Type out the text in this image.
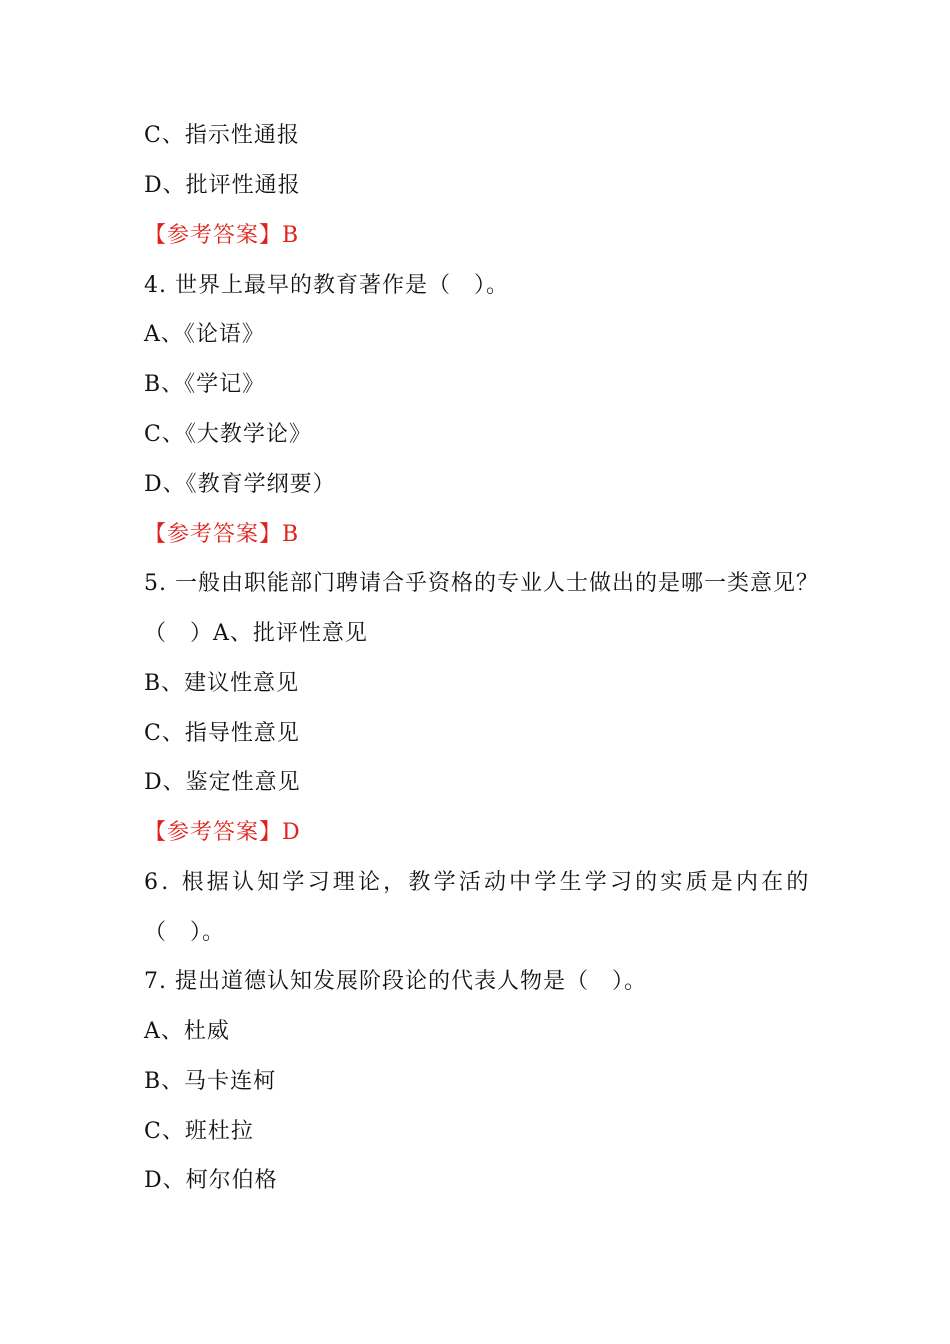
C、指示性通报
D、批评性通报
【参考答案】B
4. 世界上最早的教育著作是（　）。
A、《论语》
B、《学记》
C、《大教学论》
D、《教育学纲要）
【参考答案】B
5. 一般由职能部门聘请合乎资格的专业人士做出的是哪一类意见？
（　）A、批评性意见
B、建议性意见
C、指导性意见
D、鉴定性意见
【参考答案】D
6. 根据认知学习理论，教学活动中学生学习的实质是内在的
（　）。
7. 提出道德认知发展阶段论的代表人物是（　）。
A、杜威
B、马卡连柯
C、班杜拉
D、柯尔伯格
